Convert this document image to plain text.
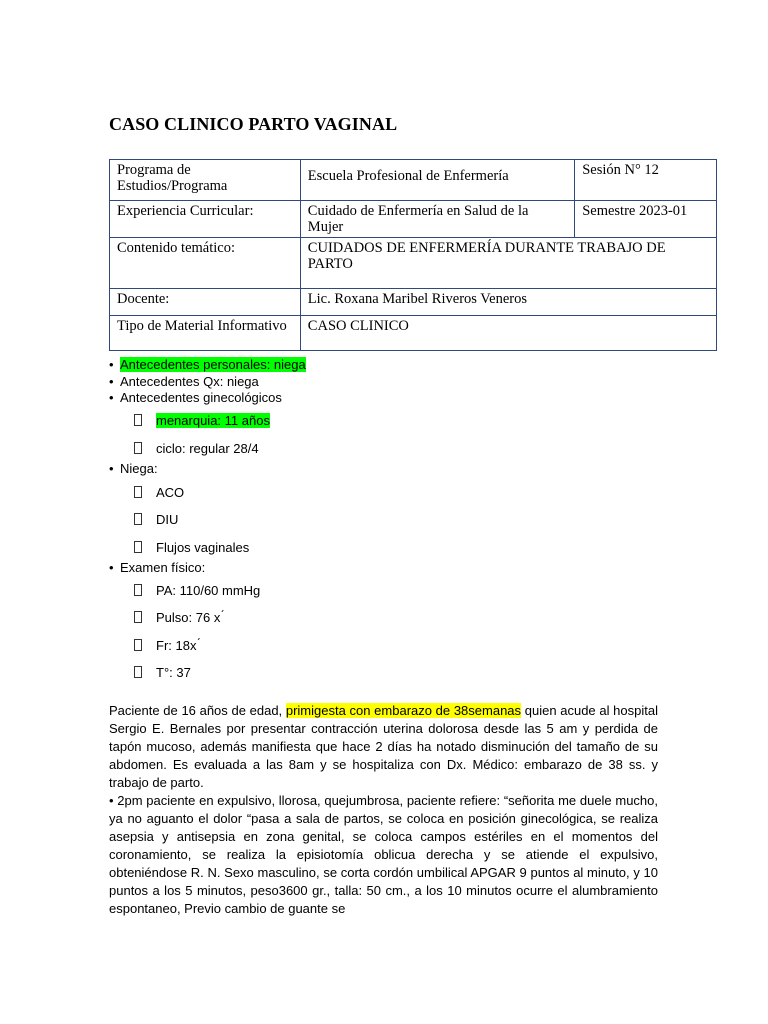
CASO CLINICO PARTO VAGINAL
Programa de Estudios/Programa	Escuela Profesional de Enfermería	Sesión N° 12
Experiencia Curricular:	Cuidado de Enfermería en Salud de la Mujer	Semestre 2023-01
Contenido temático:	CUIDADOS DE ENFERMERÍA DURANTE TRABAJO DE PARTO	
Docente:	Lic. Roxana Maribel Riveros Veneros	
Tipo de Material Informativo	CASO CLINICO	
• Antecedentes personales: niega
• Antecedentes Qx: niega
• Antecedentes ginecológicos
menarquia: 11 años
ciclo: regular 28/4
• Niega:
ACO
DIU
Flujos vaginales
• Examen físico:
PA: 110/60 mmHg
Pulso: 76 x ́
Fr: 18x ́
T°: 37

Paciente de 16 años de edad, primigesta con embarazo de 38semanas quien acude al hospital Sergio E. Bernales por presentar contracción uterina dolorosa desde las 5 am y perdida de tapón mucoso, además manifiesta que hace 2 días ha notado disminución del tamaño de su abdomen. Es evaluada a las 8am y se hospitaliza con Dx. Médico: embarazo de 38 ss. y trabajo de parto.

• 2pm paciente en expulsivo, llorosa, quejumbrosa, paciente refiere: “señorita me duele mucho, ya no aguanto el dolor “pasa a sala de partos, se coloca en posición ginecológica, se realiza asepsia y antisepsia en zona genital, se coloca campos estériles en el momentos del coronamiento, se realiza la episiotomía oblicua derecha y se atiende el expulsivo, obteniéndose R. N. Sexo masculino, se corta cordón umbilical APGAR 9 puntos al minuto, y 10 puntos a los 5 minutos, peso3600 gr., talla: 50 cm., a los 10 minutos ocurre el alumbramiento espontaneo, Previo cambio de guante se
